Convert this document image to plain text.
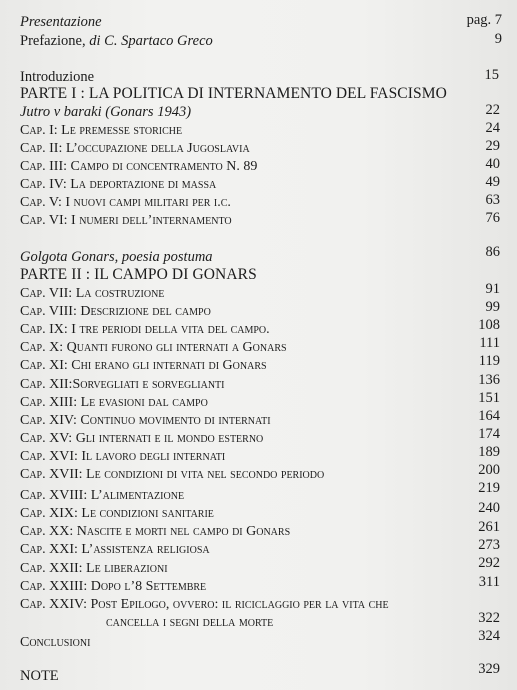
Presentazione	pag. 7
Prefazione, di C. Spartaco Greco	9
Introduzione	15
PARTE I : LA POLITICA DI INTERNAMENTO DEL FASCISMO
Jutro v baraki (Gonars 1943)	22
Cap. I: Le premesse storiche	24
Cap. II: L’occupazione della Jugoslavia	29
Cap. III: Campo di concentramento N. 89	40
Cap. IV: La deportazione di massa	49
Cap. V: I nuovi campi militari per i.c.	63
Cap. VI: I numeri dell’internamento	76
Golgota Gonars, poesia postuma	86
PARTE II : IL CAMPO DI GONARS
Cap. VII: La costruzione	91
Cap. VIII: Descrizione del campo	99
Cap. IX: I tre periodi della vita del campo.	108
Cap. X: Quanti furono gli internati a Gonars	111
Cap. XI: Chi erano gli internati di Gonars	119
Cap. XII:Sorvegliati e sorveglianti	136
Cap. XIII: Le evasioni dal campo	151
Cap. XIV: Continuo movimento di internati	164
Cap. XV: Gli internati e il mondo esterno	174
Cap. XVI: Il lavoro degli internati	189
Cap. XVII: Le condizioni di vita nel secondo periodo	200
Cap. XVIII: L’alimentazione	219
Cap. XIX: Le condizioni sanitarie	240
Cap. XX: Nascite e morti nel campo di Gonars	261
Cap. XXI: L’assistenza religiosa	273
Cap. XXII: Le liberazioni	292
Cap. XXIII: Dopo l’8 Settembre	311
Cap. XXIV: Post Epilogo, ovvero: il riciclaggio per la vita che
cancella i segni della morte	322
Conclusioni	324
NOTE	329
